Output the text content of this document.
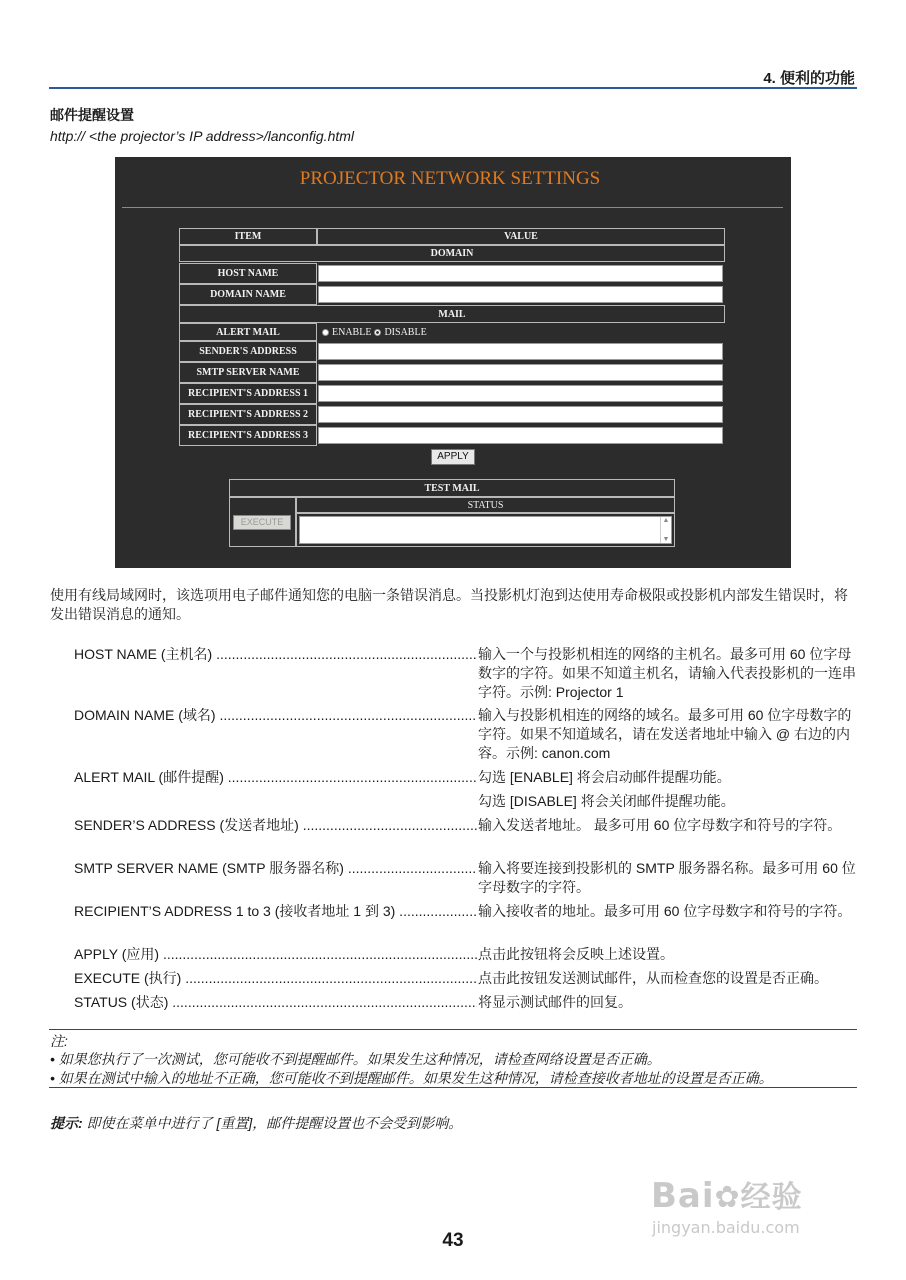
4. 便利的功能
邮件提醒设置
http:// <the projector’s IP address>/lanconfig.html
PROJECTOR NETWORK SETTINGS
ITEM	VALUE
DOMAIN
HOST NAME
DOMAIN NAME
MAIL
ALERT MAIL	ENABLE DISABLE
SENDER'S ADDRESS
SMTP SERVER NAME
RECIPIENT'S ADDRESS 1
RECIPIENT'S ADDRESS 2
RECIPIENT'S ADDRESS 3
APPLY
TEST MAIL
EXECUTE
STATUS
▲
▼
使用有线局域网时，该选项用电子邮件通知您的电脑一条错误消息。当投影机灯泡到达使用寿命极限或投影机内部发生错误时，将发出错误消息的通知。
HOST NAME (主机名) .....	输入一个与投影机相连的网络的主机名。最多可用 60 位字母数字的字符。如果不知道主机名，请输入代表投影机的一连串字符。示例: Projector 1
DOMAIN NAME (域名) .....	输入与投影机相连的网络的域名。最多可用 60 位字母数字的字符。如果不知道域名，请在发送者地址中输入 @ 右边的内容。示例: canon.com
ALERT MAIL (邮件提醒) .....	勾选 [ENABLE] 将会启动邮件提醒功能。
勾选 [DISABLE] 将会关闭邮件提醒功能。
SENDER’S ADDRESS (发送者地址) .....	输入发送者地址。 最多可用 60 位字母数字和符号的字符。
SMTP SERVER NAME (SMTP 服务器名称) .....	输入将要连接到投影机的 SMTP 服务器名称。最多可用 60 位字母数字的字符。
RECIPIENT’S ADDRESS 1 to 3 (接收者地址 1 到 3) .....	输入接收者的地址。最多可用 60 位字母数字和符号的字符。
APPLY (应用) .....	点击此按钮将会反映上述设置。
EXECUTE (执行) .....	点击此按钮发送测试邮件，从而检查您的设置是否正确。
STATUS (状态) .....	将显示测试邮件的回复。
注:
• 如果您执行了一次测试，您可能收不到提醒邮件。如果发生这种情况，请检查网络设置是否正确。
• 如果在测试中输入的地址不正确，您可能收不到提醒邮件。如果发生这种情况，请检查接收者地址的设置是否正确。
提示: 即使在菜单中进行了 [重置]，邮件提醒设置也不会受到影响。
43
Bai✿经验
jingyan.baidu.com
